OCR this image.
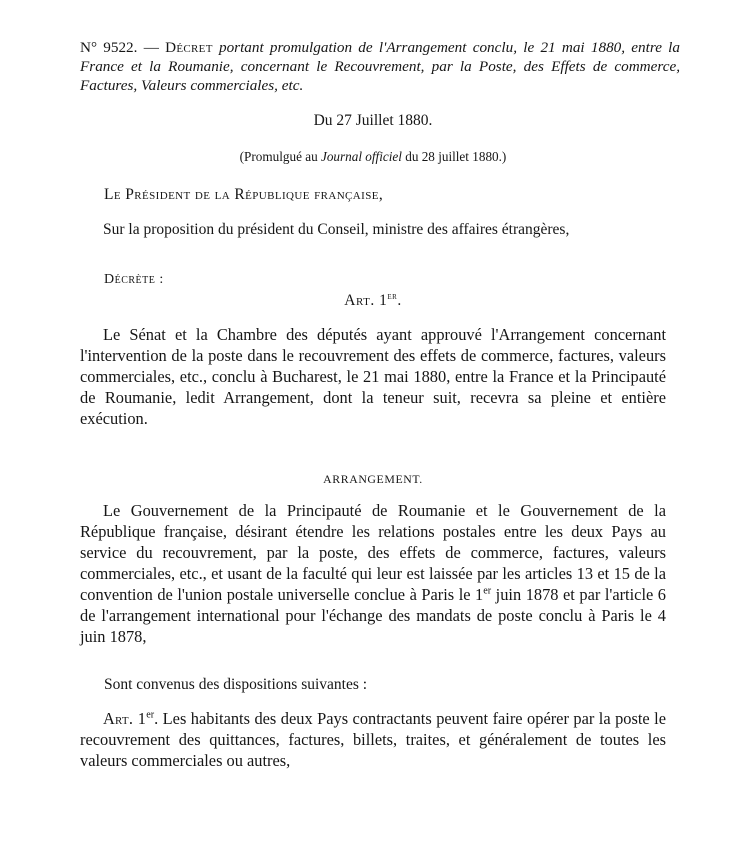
N° 9522. — Décret portant promulgation de l'Arrangement conclu, le 21 mai 1880, entre la France et la Roumanie, concernant le Recouvrement, par la Poste, des Effets de commerce, Factures, Valeurs commerciales, etc.
Du 27 Juillet 1880.
(Promulgué au Journal officiel du 28 juillet 1880.)
Le Président de la République française,

Sur la proposition du président du Conseil, ministre des affaires étrangères,

Décrète :
Art. 1er.

Le Sénat et la Chambre des députés ayant approuvé l'Arrangement concernant l'intervention de la poste dans le recouvrement des effets de commerce, factures, valeurs commerciales, etc., conclu à Bucharest, le 21 mai 1880, entre la France et la Principauté de Roumanie, ledit Arrangement, dont la teneur suit, recevra sa pleine et entière exécution.

ARRANGEMENT.

Le Gouvernement de la Principauté de Roumanie et le Gouvernement de la République française, désirant étendre les relations postales entre les deux Pays au service du recouvrement, par la poste, des effets de commerce, factures, valeurs commerciales, etc., et usant de la faculté qui leur est laissée par les articles 13 et 15 de la convention de l'union postale universelle conclue à Paris le 1er juin 1878 et par l'article 6 de l'arrangement international pour l'échange des mandats de poste conclu à Paris le 4 juin 1878,

Sont convenus des dispositions suivantes :

Art. 1er. Les habitants des deux Pays contractants peuvent faire opérer par la poste le recouvrement des quittances, factures, billets, traites, et généralement de toutes les valeurs commerciales ou autres,
